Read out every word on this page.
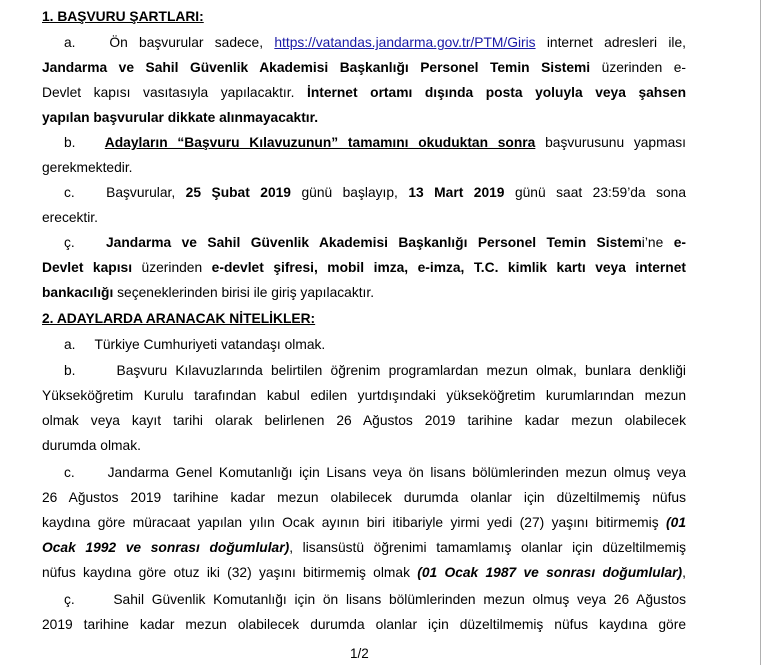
1. BAŞVURU ŞARTLARI:
a. Ön başvurular sadece, https://vatandas.jandarma.gov.tr/PTM/Giris internet adresleri ile,
Jandarma ve Sahil Güvenlik Akademisi Başkanlığı Personel Temin Sistemi üzerinden e-
Devlet kapısı vasıtasıyla yapılacaktır. İnternet ortamı dışında posta yoluyla veya şahsen
yapılan başvurular dikkate alınmayacaktır.
b. Adayların “Başvuru Kılavuzunun” tamamını okuduktan sonra başvurusunu yapması
gerekmektedir.
c. Başvurular, 25 Şubat 2019 günü başlayıp, 13 Mart 2019 günü saat 23:59’da sona
erecektir.
ç. Jandarma ve Sahil Güvenlik Akademisi Başkanlığı Personel Temin Sistemi’ne e-
Devlet kapısı üzerinden e-devlet şifresi, mobil imza, e-imza, T.C. kimlik kartı veya internet
bankacılığı seçeneklerinden birisi ile giriş yapılacaktır.
2. ADAYLARDA ARANACAK NİTELİKLER:
a. Türkiye Cumhuriyeti vatandaşı olmak.
b.	Başvuru Kılavuzlarında belirtilen öğrenim programlardan mezun olmak, bunlara denkliği
Yükseköğretim Kurulu tarafından kabul edilen yurtdışındaki yükseköğretim kurumlarından mezun
olmak veya kayıt tarihi olarak belirlenen 26 Ağustos 2019 tarihine kadar mezun olabilecek
durumda olmak.
c. Jandarma Genel Komutanlığı için Lisans veya ön lisans bölümlerinden mezun olmuş veya
26 Ağustos 2019 tarihine kadar mezun olabilecek durumda olanlar için düzeltilmemiş nüfus
kaydına göre müracaat yapılan yılın Ocak ayının biri itibariyle yirmi yedi (27) yaşını bitirmemiş (01
Ocak 1992 ve sonrası doğumlular), lisansüstü öğrenimi tamamlamış olanlar için düzeltilmemiş
nüfus kaydına göre otuz iki (32) yaşını bitirmemiş olmak (01 Ocak 1987 ve sonrası doğumlular),
ç.	Sahil Güvenlik Komutanlığı için ön lisans bölümlerinden mezun olmuş veya 26 Ağustos
2019 tarihine kadar mezun olabilecek durumda olanlar için düzeltilmemiş nüfus kaydına göre
1/2
